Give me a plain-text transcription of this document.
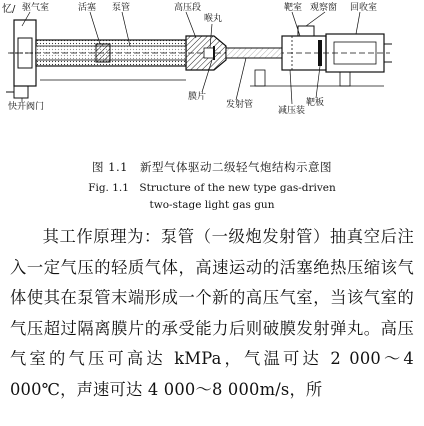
忆/ 驱气室	活塞 泵管	高压段
喉丸
靶室 观察窗 回收室
快开阀门
膜片
发射管
减压装
靶板
图 1.1　新型气体驱动二级轻气炮结构示意图
Fig. 1.1　Structure of the new type gas-driven
two-stage light gas gun
其工作原理为：泵管（一级炮发射管）抽真空后注入一定气压的轻质气体，高速运动的活塞绝热压缩该气体使其在泵管末端形成一个新的高压气室，当该气室的气压超过隔离膜片的承受能力后则破膜发射弹丸。高压气室的气压可高达 kMPa，气温可达 2 000～4 000℃，声速可达 4 000～8 000m/s，所
